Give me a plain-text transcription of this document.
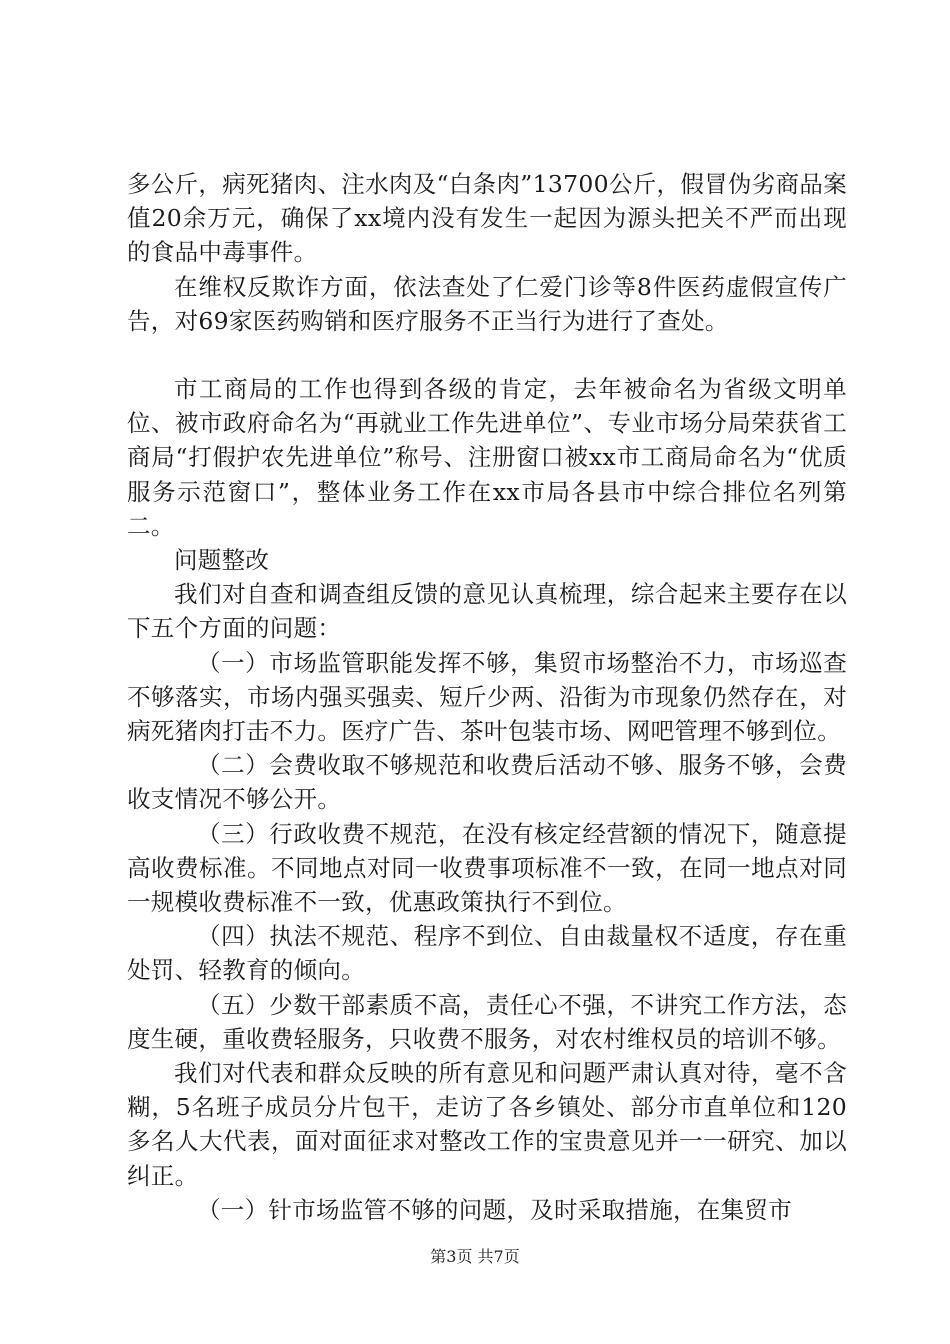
多公斤，病死猪肉、注水肉及“白条肉”13700公斤，假冒伪劣商品案值20余万元，确保了xx境内没有发生一起因为源头把关不严而出现的食品中毒事件。

在维权反欺诈方面，依法查处了仁爱门诊等8件医药虚假宣传广告，对69家医药购销和医疗服务不正当行为进行了查处。

市工商局的工作也得到各级的肯定，去年被命名为省级文明单位、被市政府命名为“再就业工作先进单位”、专业市场分局荣获省工商局“打假护农先进单位”称号、注册窗口被xx市工商局命名为“优质服务示范窗口”，整体业务工作在xx市局各县市中综合排位名列第二。

问题整改

我们对自查和调查组反馈的意见认真梳理，综合起来主要存在以下五个方面的问题：

（一）市场监管职能发挥不够，集贸市场整治不力，市场巡查不够落实，市场内强买强卖、短斤少两、沿街为市现象仍然存在，对病死猪肉打击不力。医疗广告、茶叶包装市场、网吧管理不够到位。

（二）会费收取不够规范和收费后活动不够、服务不够，会费收支情况不够公开。

（三）行政收费不规范，在没有核定经营额的情况下，随意提高收费标准。不同地点对同一收费事项标准不一致，在同一地点对同一规模收费标准不一致，优惠政策执行不到位。

（四）执法不规范、程序不到位、自由裁量权不适度，存在重处罚、轻教育的倾向。

（五）少数干部素质不高，责任心不强，不讲究工作方法，态度生硬，重收费轻服务，只收费不服务，对农村维权员的培训不够。

我们对代表和群众反映的所有意见和问题严肃认真对待，毫不含糊，5名班子成员分片包干，走访了各乡镇处、部分市直单位和120多名人大代表，面对面征求对整改工作的宝贵意见并一一研究、加以纠正。

（一）针市场监管不够的问题，及时采取措施，在集贸市

第3页 共7页
